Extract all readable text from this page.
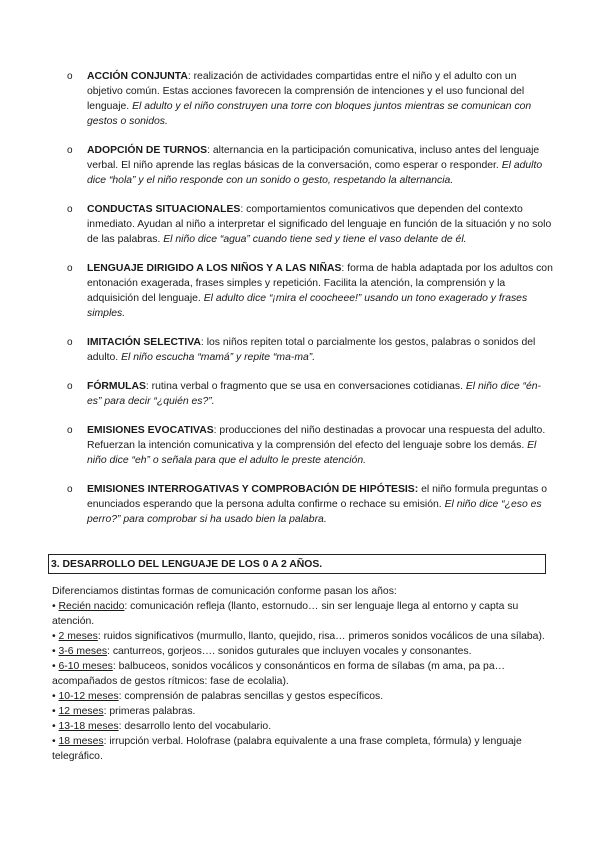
o ACCIÓN CONJUNTA: realización de actividades compartidas entre el niño y el adulto con un objetivo común. Estas acciones favorecen la comprensión de intenciones y el uso funcional del lenguaje. El adulto y el niño construyen una torre con bloques juntos mientras se comunican con gestos o sonidos.
o ADOPCIÓN DE TURNOS: alternancia en la participación comunicativa, incluso antes del lenguaje verbal. El niño aprende las reglas básicas de la conversación, como esperar o responder. El adulto dice “hola” y el niño responde con un sonido o gesto, respetando la alternancia.
o CONDUCTAS SITUACIONALES: comportamientos comunicativos que dependen del contexto inmediato. Ayudan al niño a interpretar el significado del lenguaje en función de la situación y no solo de las palabras. El niño dice “agua” cuando tiene sed y tiene el vaso delante de él.
o LENGUAJE DIRIGIDO A LOS NIÑOS Y A LAS NIÑAS: forma de habla adaptada por los adultos con entonación exagerada, frases simples y repetición. Facilita la atención, la comprensión y la adquisición del lenguaje. El adulto dice “¡mira el coocheee!” usando un tono exagerado y frases simples.
o IMITACIÓN SELECTIVA: los niños repiten total o parcialmente los gestos, palabras o sonidos del adulto. El niño escucha “mamá” y repite “ma-ma”.
o FÓRMULAS: rutina verbal o fragmento que se usa en conversaciones cotidianas. El niño dice “én-es” para decir “¿quién es?”.
o EMISIONES EVOCATIVAS: producciones del niño destinadas a provocar una respuesta del adulto. Refuerzan la intención comunicativa y la comprensión del efecto del lenguaje sobre los demás. El niño dice “eh” o señala para que el adulto le preste atención.
o EMISIONES INTERROGATIVAS Y COMPROBACIÓN DE HIPÓTESIS: el niño formula preguntas o enunciados esperando que la persona adulta confirme o rechace su emisión. El niño dice “¿eso es perro?” para comprobar si ha usado bien la palabra.
3. DESARROLLO DEL LENGUAJE DE LOS 0 A 2 AÑOS.

Diferenciamos distintas formas de comunicación conforme pasan los años:

• Recién nacido: comunicación refleja (llanto, estornudo… sin ser lenguaje llega al entorno y capta su atención.

• 2 meses: ruidos significativos (murmullo, llanto, quejido, risa… primeros sonidos vocálicos de una sílaba).

• 3-6 meses: canturreos, gorjeos…. sonidos guturales que incluyen vocales y consonantes.

• 6-10 meses: balbuceos, sonidos vocálicos y consonánticos en forma de sílabas (m ama, pa pa… acompañados de gestos rítmicos: fase de ecolalia).

• 10-12 meses: comprensión de palabras sencillas y gestos específicos.

• 12 meses: primeras palabras.

• 13-18 meses: desarrollo lento del vocabulario.

• 18 meses: irrupción verbal. Holofrase (palabra equivalente a una frase completa, fórmula) y lenguaje telegráfico.
